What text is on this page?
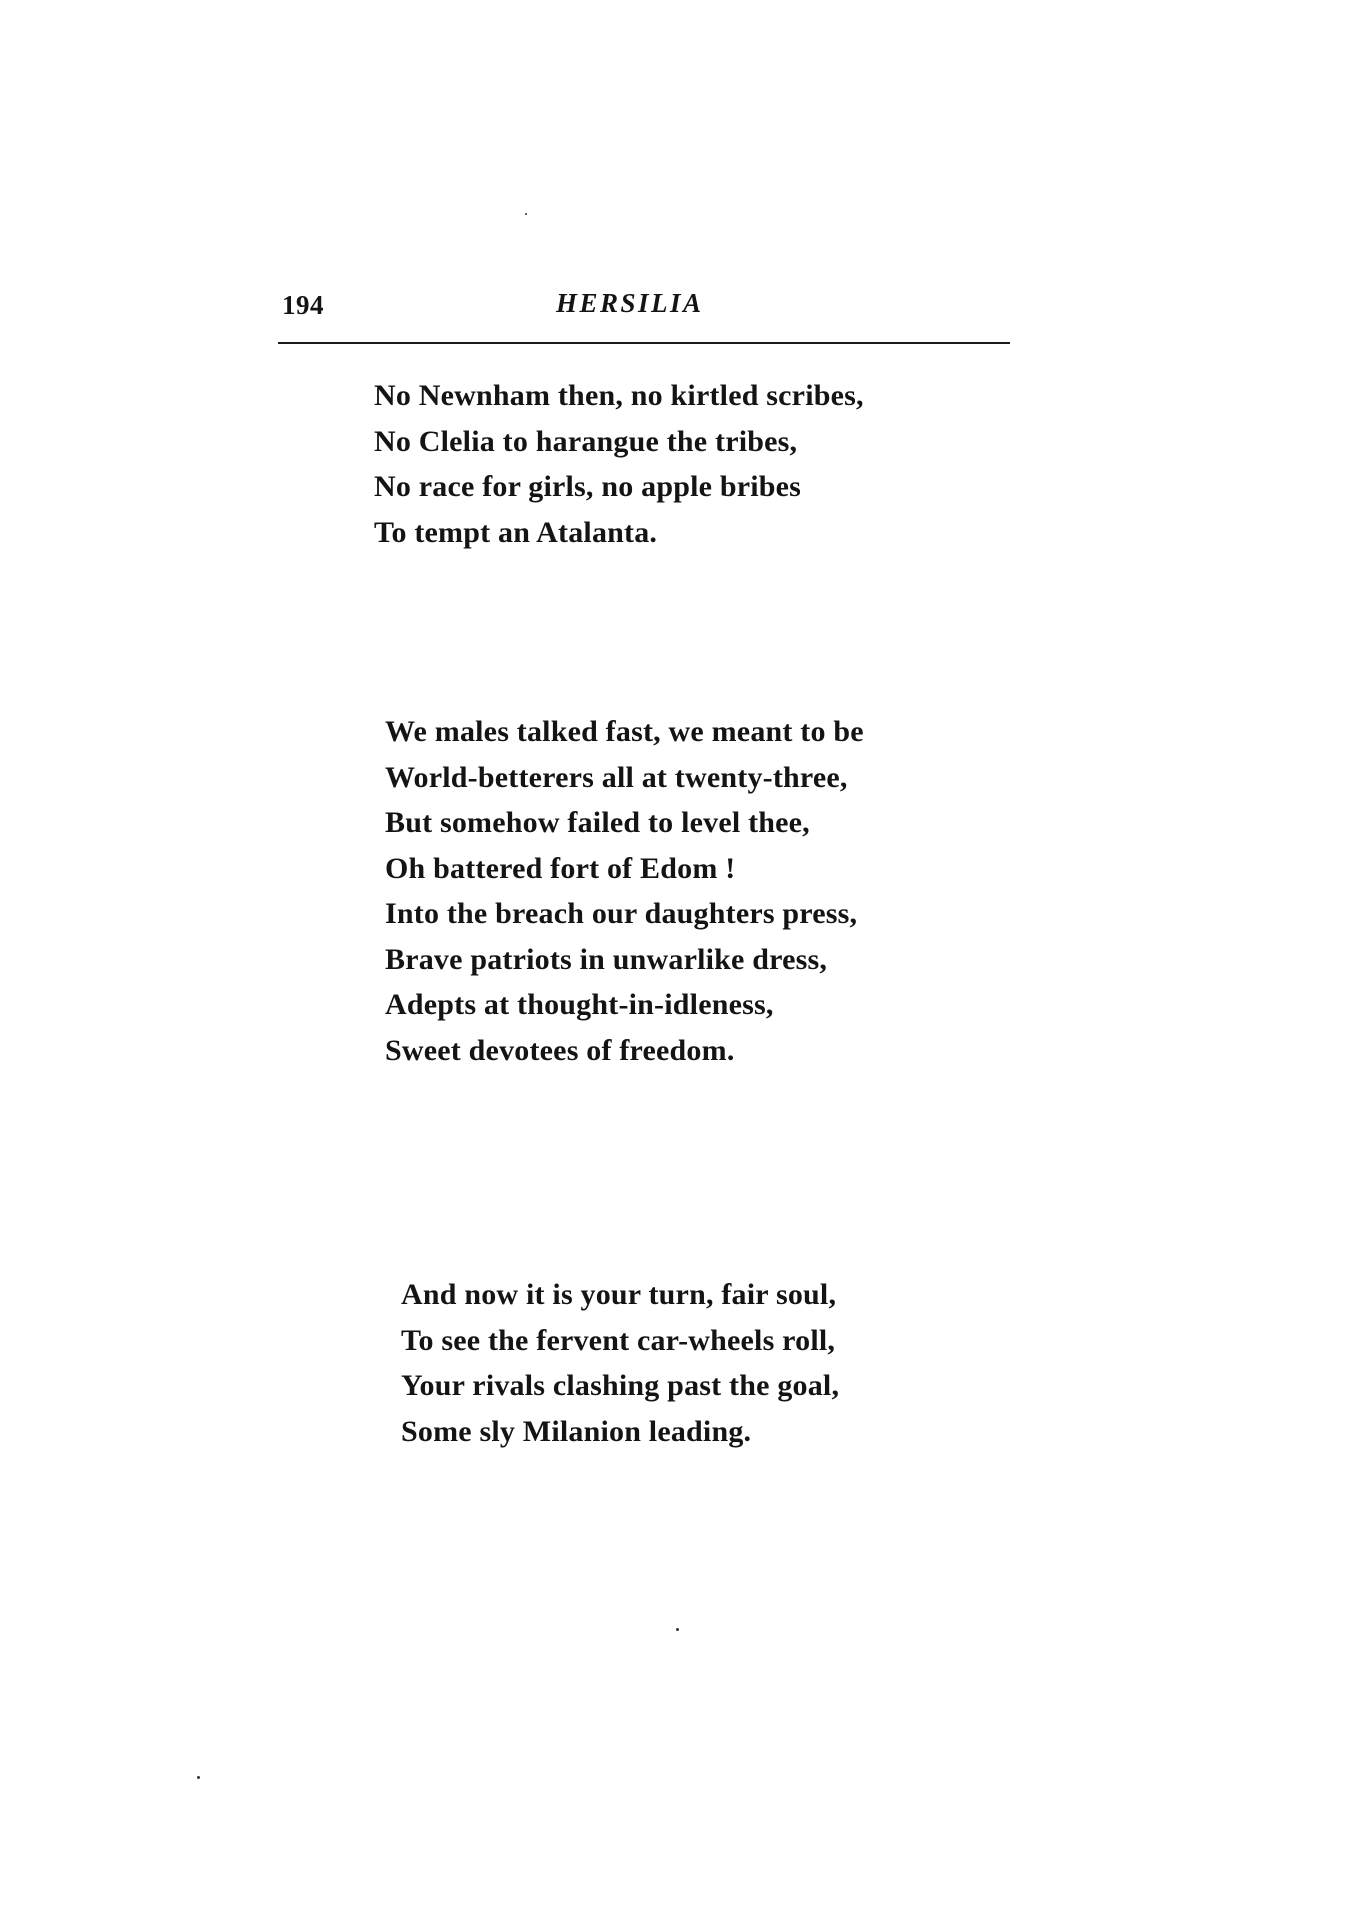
194	HERSILIA
No Newnham then, no kirtled scribes,
No Clelia to harangue the tribes,
No race for girls, no apple bribes
To tempt an Atalanta.
We males talked fast, we meant to be
World-betterers all at twenty-three,
But somehow failed to level thee,
Oh battered fort of Edom !
Into the breach our daughters press,
Brave patriots in unwarlike dress,
Adepts at thought-in-idleness,
Sweet devotees of freedom.
And now it is your turn, fair soul,
To see the fervent car-wheels roll,
Your rivals clashing past the goal,
Some sly Milanion leading.
